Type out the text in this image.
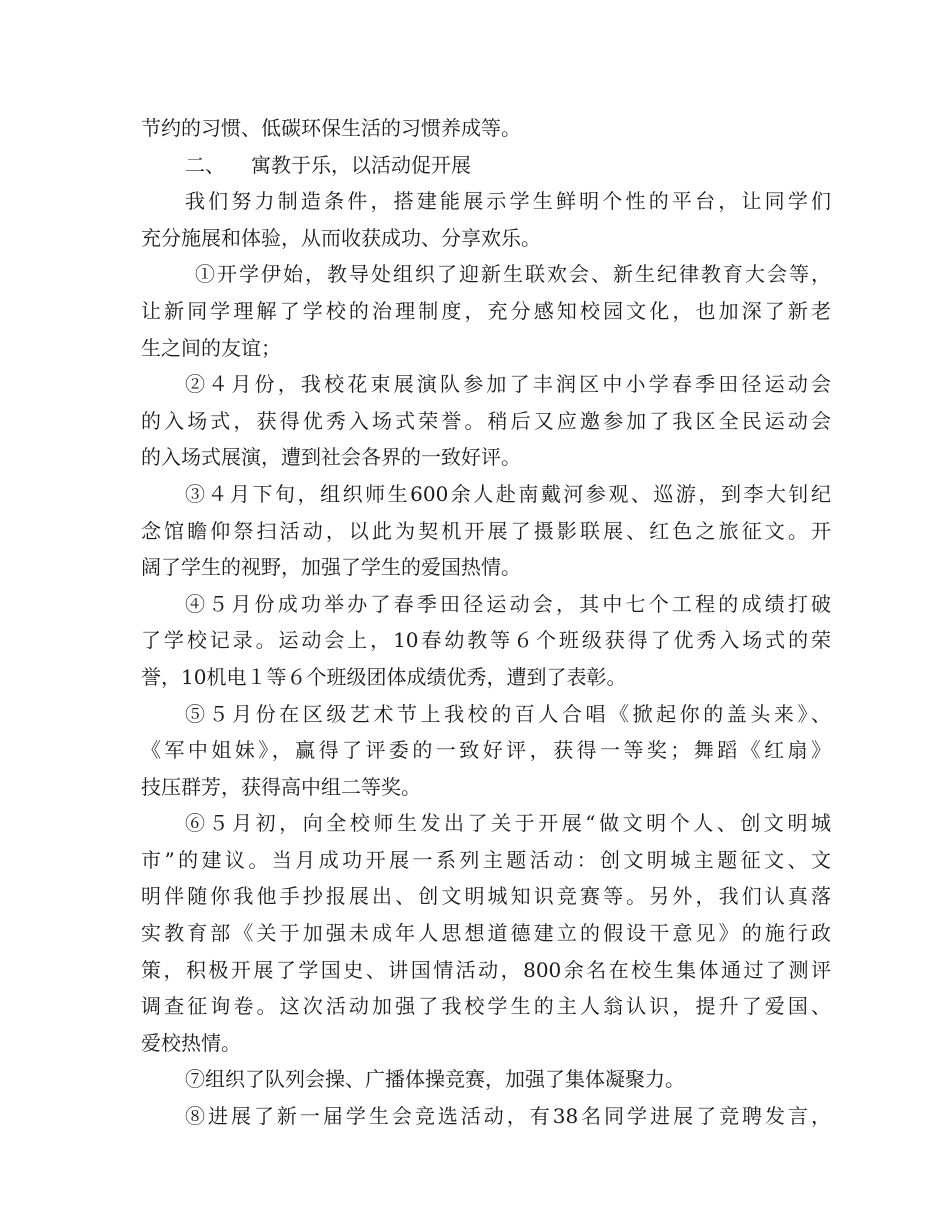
节约的习惯、低碳环保生活的习惯养成等。
二、 寓教于乐，以活动促开展
我们努力制造条件，搭建能展示学生鲜明个性的平台，让同学们
充分施展和体验，从而收获成功、分享欢乐。
①开学伊始，教导处组织了迎新生联欢会、新生纪律教育大会等，
让新同学理解了学校的治理制度，充分感知校园文化，也加深了新老
生之间的友谊；
②４月份，我校花束展演队参加了丰润区中小学春季田径运动会
的入场式，获得优秀入场式荣誉。稍后又应邀参加了我区全民运动会
的入场式展演，遭到社会各界的一致好评。
③４月下旬，组织师生600余人赴南戴河参观、巡游，到李大钊纪
念馆瞻仰祭扫活动，以此为契机开展了摄影联展、红色之旅征文。开
阔了学生的视野，加强了学生的爱国热情。
④５月份成功举办了春季田径运动会，其中七个工程的成绩打破
了学校记录。运动会上，10春幼教等６个班级获得了优秀入场式的荣
誉，10机电１等６个班级团体成绩优秀，遭到了表彰。
⑤５月份在区级艺术节上我校的百人合唱《掀起你的盖头来》、
《军中姐妹》，赢得了评委的一致好评，获得一等奖；舞蹈《红扇》
技压群芳，获得高中组二等奖。
⑥５月初，向全校师生发出了关于开展“做文明个人、创文明城
市”的建议。当月成功开展一系列主题活动：创文明城主题征文、文
明伴随你我他手抄报展出、创文明城知识竞赛等。另外，我们认真落
实教育部《关于加强未成年人思想道德建立的假设干意见》的施行政
策，积极开展了学国史、讲国情活动，800余名在校生集体通过了测评
调查征询卷。这次活动加强了我校学生的主人翁认识，提升了爱国、
爱校热情。
⑦组织了队列会操、广播体操竞赛，加强了集体凝聚力。
⑧进展了新一届学生会竞选活动，有38名同学进展了竞聘发言，
